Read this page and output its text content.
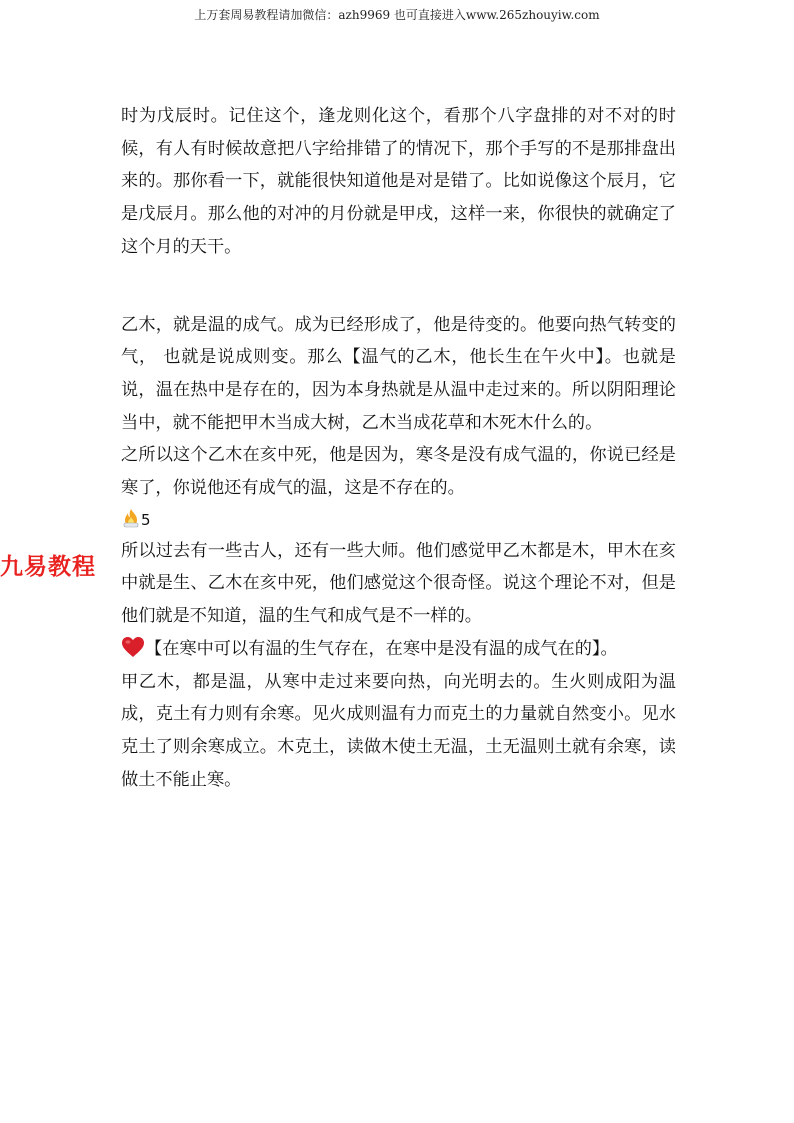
上万套周易教程请加微信：azh9969 也可直接进入www.265zhouyiw.com
九易教程

时为戊辰时。记住这个，逢龙则化这个，看那个八字盘排的对不对的时候，有人有时候故意把八字给排错了的情况下，那个手写的不是那排盘出来的。那你看一下，就能很快知道他是对是错了。比如说像这个辰月，它是戊辰月。那么他的对冲的月份就是甲戌，这样一来，你很快的就确定了这个月的天干。

乙木，就是温的成气。成为已经形成了，他是待变的。他要向热气转变的气， 也就是说成则变。那么【温气的乙木，他长生在午火中】。也就是说，温在热中是存在的，因为本身热就是从温中走过来的。所以阴阳理论当中，就不能把甲木当成大树，乙木当成花草和木死木什么的。

之所以这个乙木在亥中死，他是因为，寒冬是没有成气温的，你说已经是寒了，你说他还有成气的温，这是不存在的。

5

所以过去有一些古人，还有一些大师。他们感觉甲乙木都是木，甲木在亥中就是生、乙木在亥中死，他们感觉这个很奇怪。说这个理论不对，但是他们就是不知道，温的生气和成气是不一样的。

【在寒中可以有温的生气存在，在寒中是没有温的成气在的】。

甲乙木，都是温，从寒中走过来要向热，向光明去的。生火则成阳为温成，克土有力则有余寒。见火成则温有力而克土的力量就自然变小。见水克土了则余寒成立。木克土，读做木使土无温，土无温则土就有余寒，读做土不能止寒。
